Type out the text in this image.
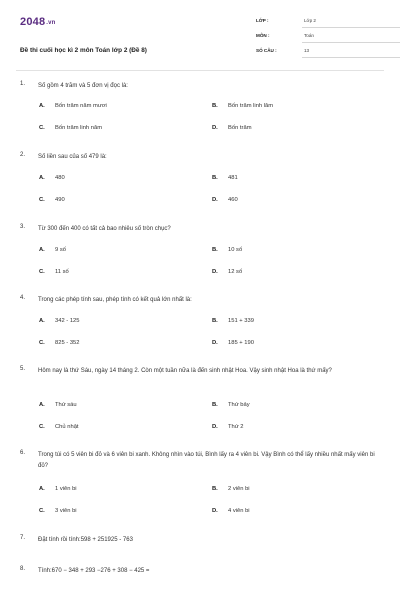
2048.vn
Đề thi cuối học kì 2 môn Toán lớp 2 (Đề 8)
LỚP :	Lớp 2
MÔN :	Toán
SỐ CÂU :	13
1. Số gồm 4 trăm và 5 đơn vị đọc là:
A. Bốn trăm năm mươi	B. Bốn trăm linh lăm
C. Bốn trăm linh năm	D. Bốn trăm
2. Số liền sau của số 479 là:
A. 480	B. 481
C. 490	D. 460
3. Từ 300 đến 400 có tất cả bao nhiêu số tròn chục?
A. 9 số	B. 10 số
C. 11 số	D. 12 số
4. Trong các phép tính sau, phép tính có kết quả lớn nhất là:
A. 342 - 125	B. 151 + 339
C. 825 - 352	D. 185 + 190
5. Hôm nay là thứ Sáu, ngày 14 tháng 2. Còn một tuần nữa là đến sinh nhật Hoa. Vậy sinh nhật Hoa là thứ mấy?
A. Thứ sáu	B. Thứ bảy
C. Chủ nhật	D. Thứ 2
6. Trong túi có 5 viên bi đỏ và 6 viên bi xanh. Không nhìn vào túi, Bình lấy ra 4 viên bi. Vậy Bình có thể lấy nhiều nhất mấy viên bi đỏ?
A. 1 viên bi	B. 2 viên bi
C. 3 viên bi	D. 4 viên bi
7. Đặt tính rồi tính:598 + 251925 - 763
8. Tính:670 − 348 + 293 −276 + 308 − 425 =
